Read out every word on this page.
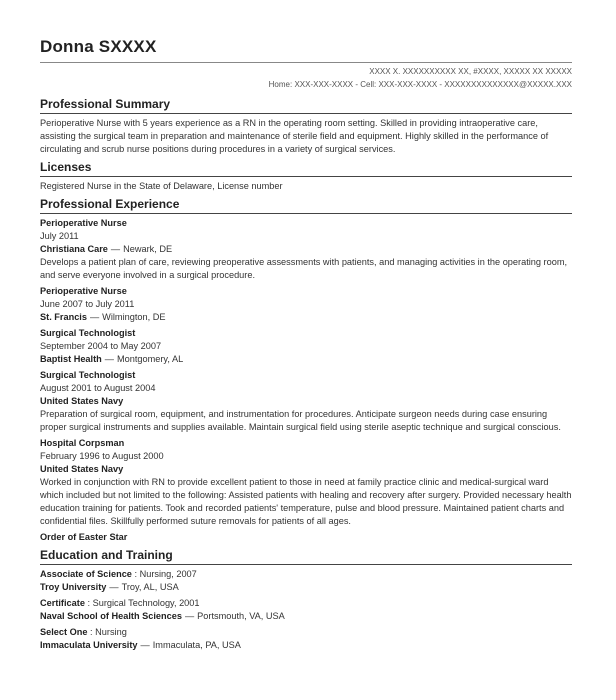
Donna SXXXX
XXXX X. XXXXXXXXXX XX, #XXXX, XXXXX XX XXXXX
Home: XXX-XXX-XXXX - Cell: XXX-XXX-XXXX - XXXXXXXXXXXXXX@XXXXX.XXX
Professional Summary
Perioperative Nurse with 5 years experience as a RN in the operating room setting. Skilled in providing intraoperative care, assisting the surgical team in preparation and maintenance of sterile field and equipment. Highly skilled in the performance of circulating and scrub nurse positions during procedures in a variety of surgical services.
Licenses
Registered Nurse in the State of Delaware, License number
Professional Experience
Perioperative Nurse
July 2011
Christiana Care — Newark, DE
Develops a patient plan of care, reviewing preoperative assessments with patients, and managing activities in the operating room, and serve everyone involved in a surgical procedure.
Perioperative Nurse
June 2007 to July 2011
St. Francis — Wilmington, DE
Surgical Technologist
September 2004 to May 2007
Baptist Health — Montgomery, AL
Surgical Technologist
August 2001 to August 2004
United States Navy
Preparation of surgical room, equipment, and instrumentation for procedures. Anticipate surgeon needs during case ensuring proper surgical instruments and supplies available. Maintain surgical field using sterile aseptic technique and surgical conscious.
Hospital Corpsman
February 1996 to August 2000
United States Navy
Worked in conjunction with RN to provide excellent patient to those in need at family practice clinic and medical-surgical ward which included but not limited to the following: Assisted patients with healing and recovery after surgery. Provided necessary health education training for patients. Took and recorded patients' temperature, pulse and blood pressure. Maintained patient charts and confidential files. Skillfully performed suture removals for patients of all ages.
Order of Easter Star
Education and Training
Associate of Science : Nursing, 2007
Troy University — Troy, AL, USA
Certificate : Surgical Technology, 2001
Naval School of Health Sciences — Portsmouth, VA, USA
Select One : Nursing
Immaculata University — Immaculata, PA, USA
